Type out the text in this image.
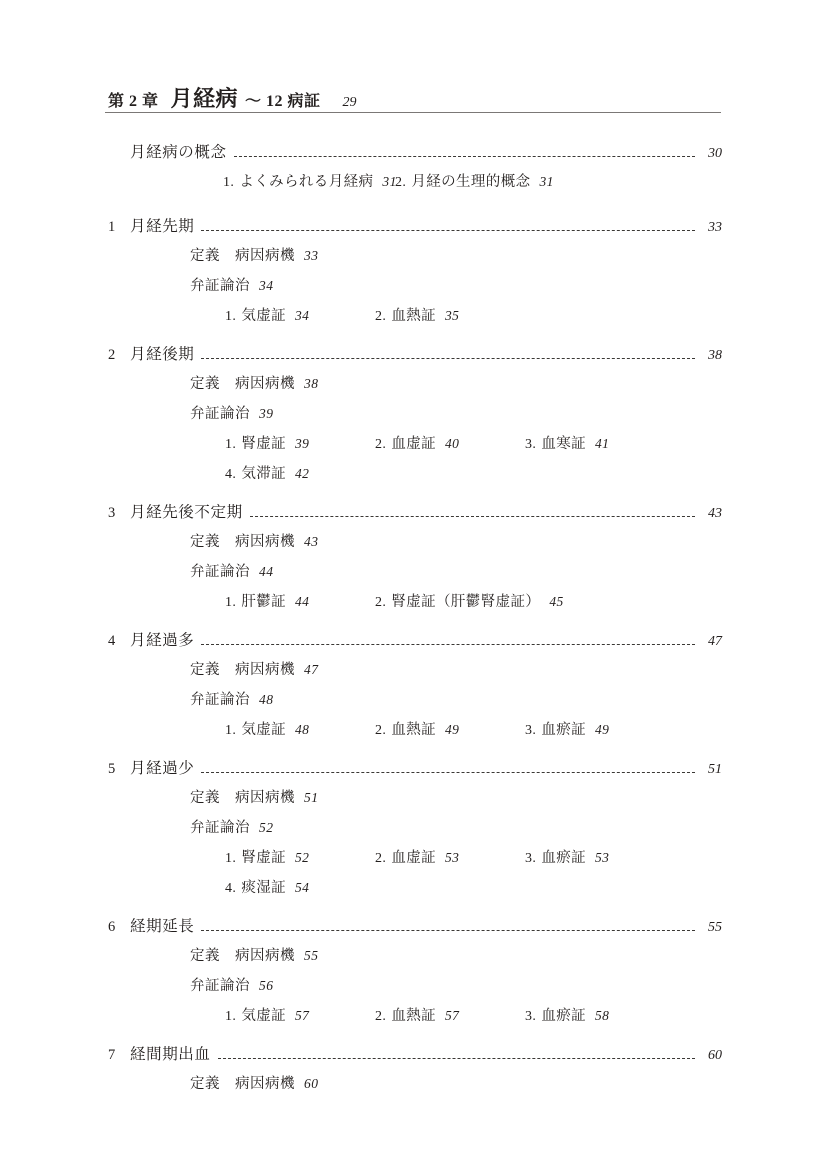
第 2 章 月経病 〜 12 病証 29
月経病の概念	30
1. よくみられる月経病 31
2. 月経の生理的概念 31
1 月経先期	33
定義　病因病機 33
弁証論治 34
1. 気虚証 34	2. 血熱証 35
2 月経後期	38
定義　病因病機 38
弁証論治 39
1. 腎虚証 39	2. 血虚証 40	3. 血寒証 41
4. 気滞証 42
3 月経先後不定期	43
定義　病因病機 43
弁証論治 44
1. 肝鬱証 44	2. 腎虚証（肝鬱腎虚証） 45
4 月経過多	47
定義　病因病機 47
弁証論治 48
1. 気虚証 48	2. 血熱証 49	3. 血瘀証 49
5 月経過少	51
定義　病因病機 51
弁証論治 52
1. 腎虚証 52	2. 血虚証 53	3. 血瘀証 53
4. 痰湿証 54
6 経期延長	55
定義　病因病機 55
弁証論治 56
1. 気虚証 57	2. 血熱証 57	3. 血瘀証 58
7 経間期出血	60
定義　病因病機 60
